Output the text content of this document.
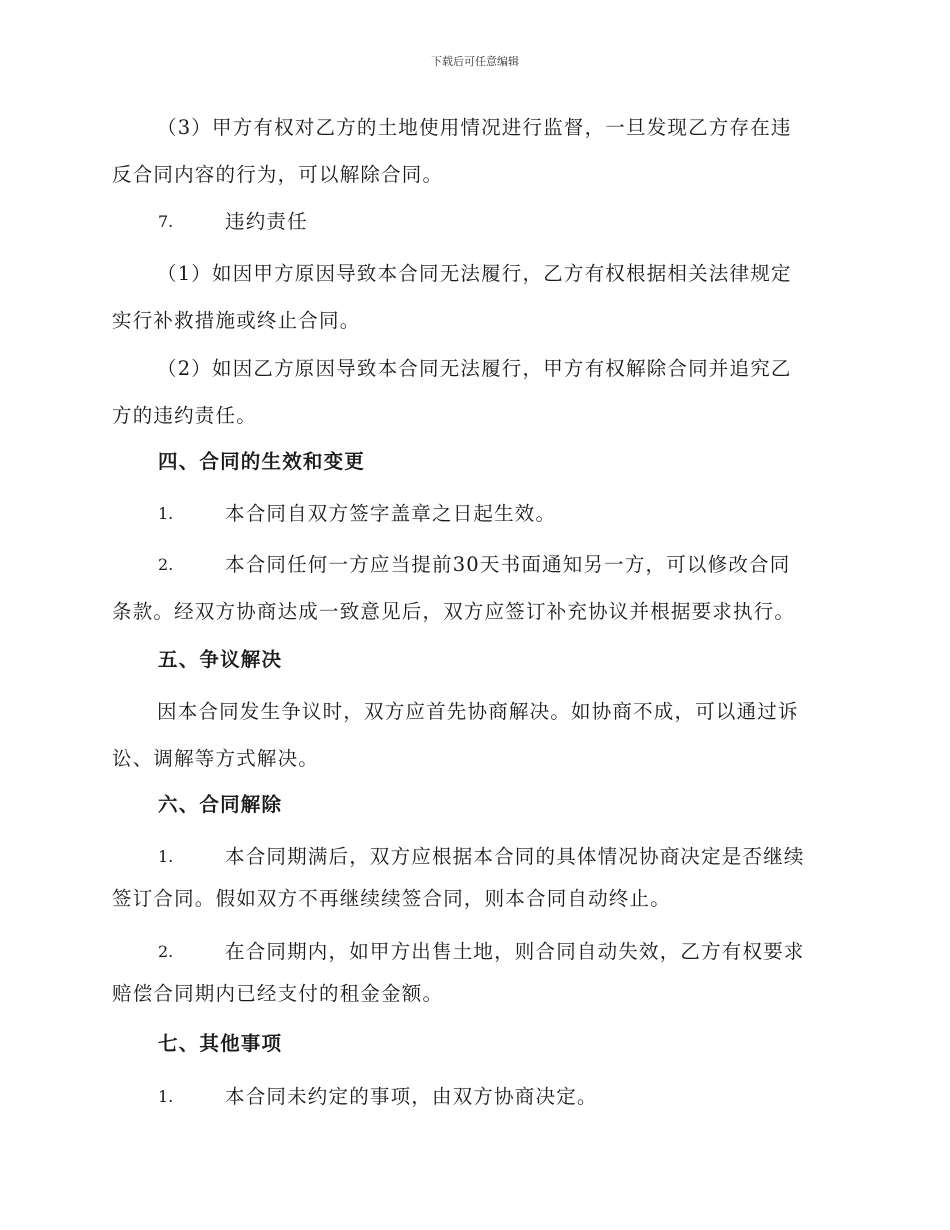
下载后可任意编辑
（3）甲方有权对乙方的土地使用情况进行监督，一旦发现乙方存在违
反合同内容的行为，可以解除合同。
7.	违约责任
（1）如因甲方原因导致本合同无法履行，乙方有权根据相关法律规定
实行补救措施或终止合同。
（2）如因乙方原因导致本合同无法履行，甲方有权解除合同并追究乙
方的违约责任。
四、合同的生效和变更
1.	本合同自双方签字盖章之日起生效。
2.	本合同任何一方应当提前30天书面通知另一方，可以修改合同
条款。经双方协商达成一致意见后，双方应签订补充协议并根据要求执行。
五、争议解决
因本合同发生争议时，双方应首先协商解决。如协商不成，可以通过诉
讼、调解等方式解决。
六、合同解除
1.	本合同期满后，双方应根据本合同的具体情况协商决定是否继续
签订合同。假如双方不再继续续签合同，则本合同自动终止。
2.	在合同期内，如甲方出售土地，则合同自动失效，乙方有权要求
赔偿合同期内已经支付的租金金额。
七、其他事项
1.	本合同未约定的事项，由双方协商决定。
